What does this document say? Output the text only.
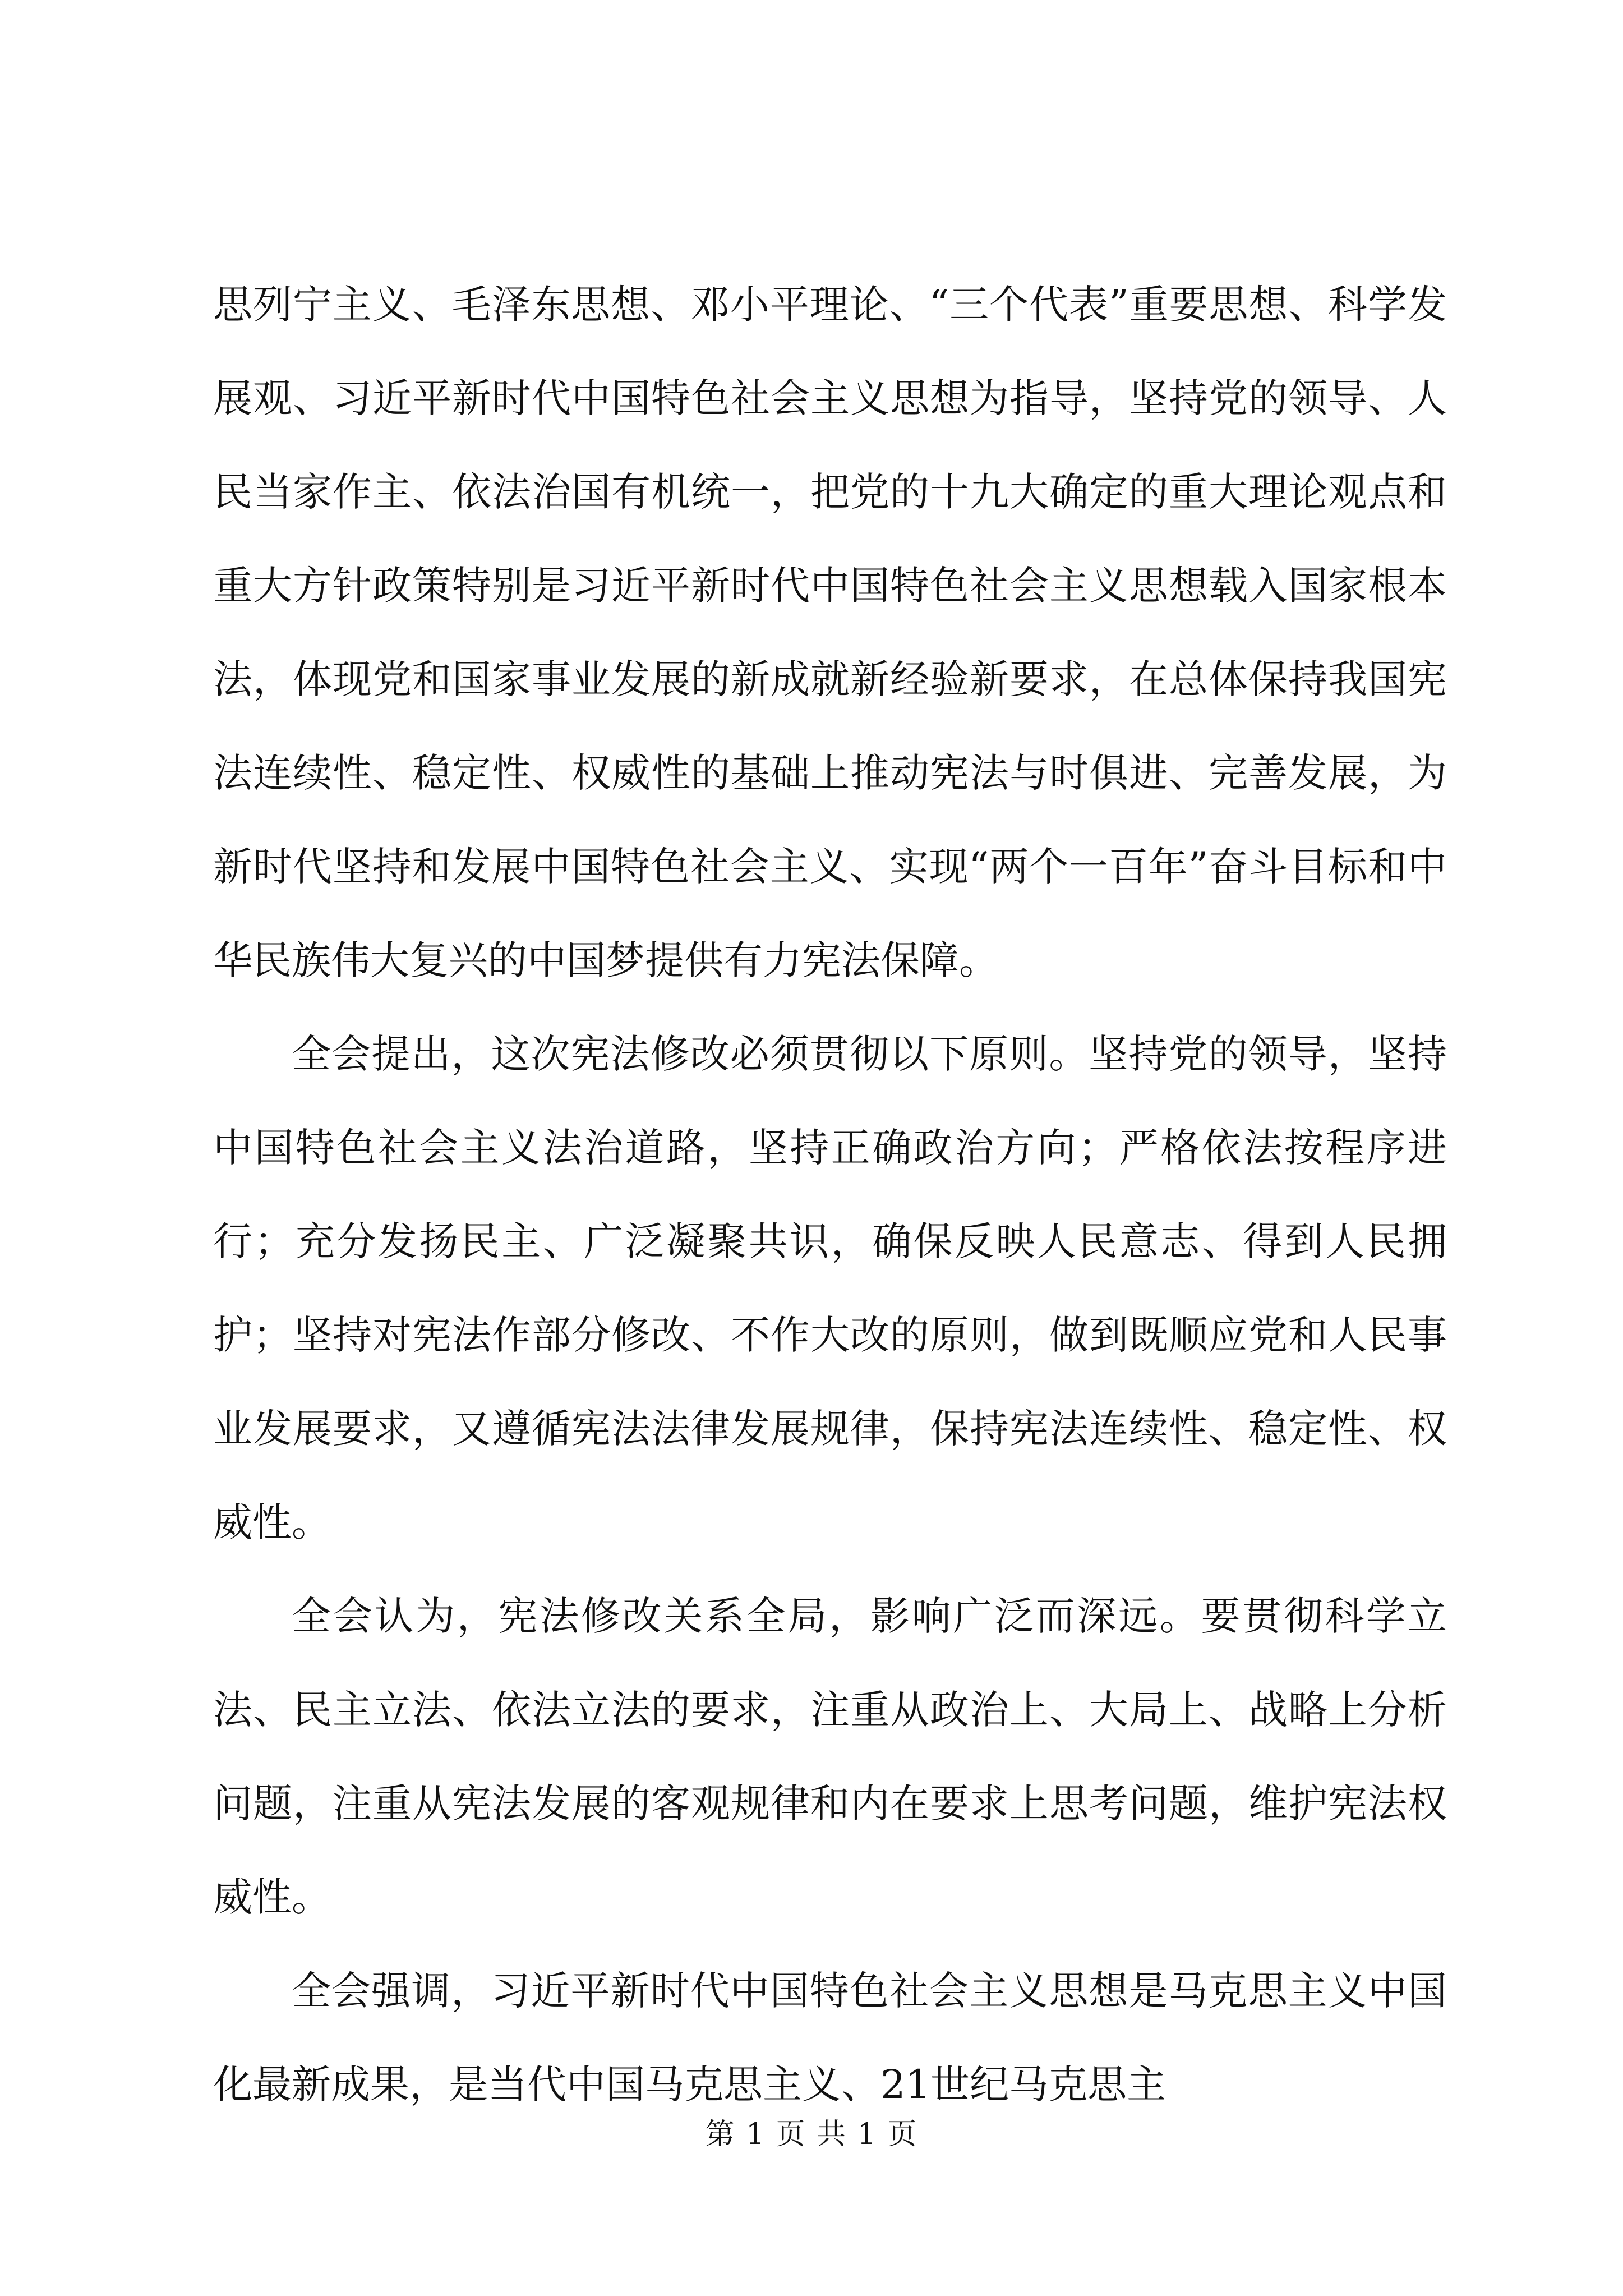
思列宁主义、毛泽东思想、邓小平理论、“三个代表”重要思想、科学发展观、习近平新时代中国特色社会主义思想为指导，坚持党的领导、人民当家作主、依法治国有机统一，把党的十九大确定的重大理论观点和重大方针政策特别是习近平新时代中国特色社会主义思想载入国家根本法，体现党和国家事业发展的新成就新经验新要求，在总体保持我国宪法连续性、稳定性、权威性的基础上推动宪法与时俱进、完善发展，为新时代坚持和发展中国特色社会主义、实现“两个一百年”奋斗目标和中华民族伟大复兴的中国梦提供有力宪法保障。

全会提出，这次宪法修改必须贯彻以下原则。坚持党的领导，坚持中国特色社会主义法治道路，坚持正确政治方向；严格依法按程序进行；充分发扬民主、广泛凝聚共识，确保反映人民意志、得到人民拥护；坚持对宪法作部分修改、不作大改的原则，做到既顺应党和人民事业发展要求，又遵循宪法法律发展规律，保持宪法连续性、稳定性、权威性。

全会认为，宪法修改关系全局，影响广泛而深远。要贯彻科学立法、民主立法、依法立法的要求，注重从政治上、大局上、战略上分析问题，注重从宪法发展的客观规律和内在要求上思考问题，维护宪法权威性。

全会强调，习近平新时代中国特色社会主义思想是马克思主义中国化最新成果，是当代中国马克思主义、21世纪马克思主

第 1 页 共 1 页
